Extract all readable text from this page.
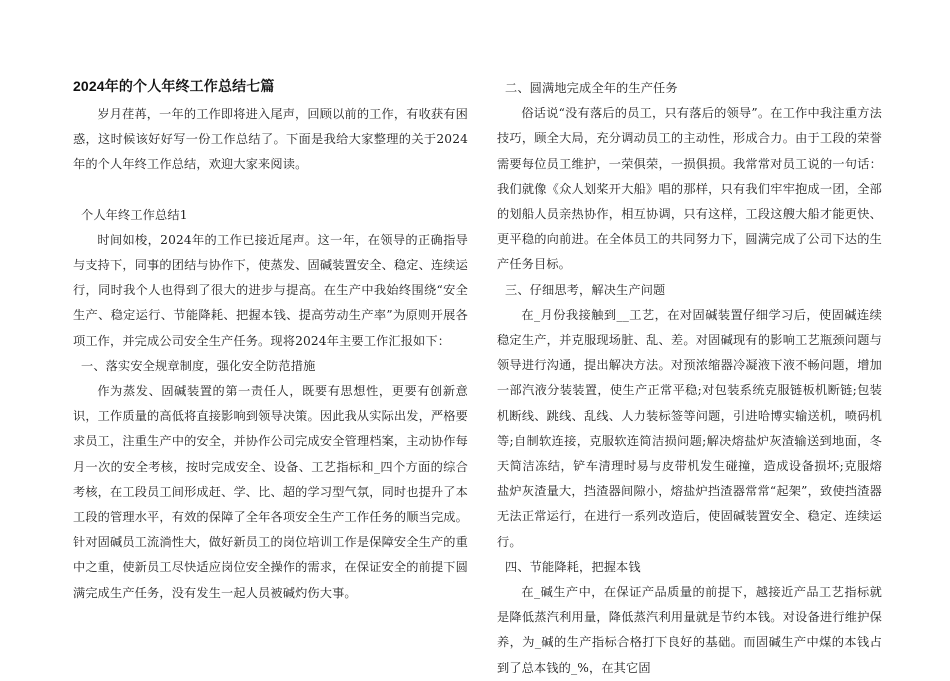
2024年的个人年终工作总结七篇

岁月荏苒，一年的工作即将进入尾声，回顾以前的工作，有收获有困惑，这时候该好好写一份工作总结了。下面是我给大家整理的关于2024年的个人年终工作总结，欢迎大家来阅读。

个人年终工作总结1

时间如梭，2024年的工作已接近尾声。这一年，在领导的正确指导与支持下，同事的团结与协作下，使蒸发、固碱装置安全、稳定、连续运行，同时我个人也得到了很大的进步与提高。在生产中我始终围绕“安全生产、稳定运行、节能降耗、把握本钱、提高劳动生产率”为原则开展各项工作，并完成公司安全生产任务。现将2024年主要工作汇报如下：

一、落实安全规章制度，强化安全防范措施

作为蒸发、固碱装置的第一责任人，既要有思想性，更要有创新意识，工作质量的高低将直接影响到领导决策。因此我从实际出发，严格要求员工，注重生产中的安全，并协作公司完成安全管理档案，主动协作每月一次的安全考核，按时完成安全、设备、工艺指标和_四个方面的综合考核，在工段员工间形成赶、学、比、超的学习型气氛，同时也提升了本工段的管理水平，有效的保障了全年各项安全生产工作任务的顺当完成。针对固碱员工流淌性大，做好新员工的岗位培训工作是保障安全生产的重中之重，使新员工尽快适应岗位安全操作的需求，在保证安全的前提下圆满完成生产任务，没有发生一起人员被碱灼伤大事。

二、圆满地完成全年的生产任务

俗话说“没有落后的员工，只有落后的领导”。在工作中我注重方法技巧，顾全大局，充分调动员工的主动性，形成合力。由于工段的荣誉需要每位员工维护，一荣俱荣，一损俱损。我常常对员工说的一句话：我们就像《众人划桨开大船》唱的那样，只有我们牢牢抱成一团，全部的划船人员亲热协作，相互协调，只有这样，工段这艘大船才能更快、更平稳的向前进。在全体员工的共同努力下，圆满完成了公司下达的生产任务目标。

三、仔细思考，解决生产问题

在_月份我接触到__工艺，在对固碱装置仔细学习后，使固碱连续稳定生产，并克服现场脏、乱、差。对固碱现有的影响工艺瓶颈问题与领导进行沟通，提出解决方法。对预浓缩器冷凝液下液不畅问题，增加一部汽液分装装置，使生产正常平稳;对包装系统克服链板机断链;包装机断线、跳线、乱线、人力装标签等问题，引进哈博实输送机，喷码机等;自制软连接，克服软连简洁损问题;解决熔盐炉灰渣输送到地面，冬天简洁冻结，铲车清理时易与皮带机发生碰撞，造成设备损坏;克服熔盐炉灰渣量大，挡渣器间隙小，熔盐炉挡渣器常常“起架”，致使挡渣器无法正常运行，在进行一系列改造后，使固碱装置安全、稳定、连续运行。

四、节能降耗，把握本钱

在_碱生产中，在保证产品质量的前提下，越接近产品工艺指标就是降低蒸汽利用量，降低蒸汽利用量就是节约本钱。对设备进行维护保养，为_碱的生产指标合格打下良好的基础。而固碱生产中煤的本钱占到了总本钱的_%，在其它固
